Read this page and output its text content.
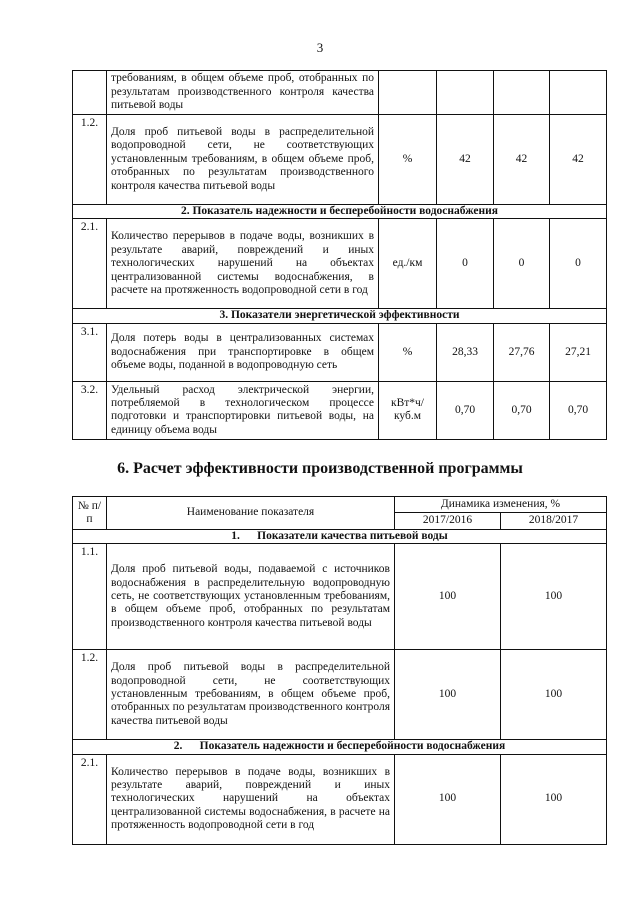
3
	требованиям, в общем объеме проб, отобранных по результатам производственного контроля качества питьевой воды				
1.2.	Доля проб питьевой воды в распределительной водопроводной сети, не соответствующих установленным требованиям, в общем объеме проб, отобранных по результатам производственного контроля качества питьевой воды	%	42	42	42
2. Показатель надежности и бесперебойности водоснабжения					
2.1.	Количество перерывов в подаче воды, возникших в результате аварий, повреждений и иных технологических нарушений на объектах централизованной системы водоснабжения, в расчете на протяженность водопроводной сети в год	ед./км	0	0	0
3. Показатели энергетической эффективности					
3.1.	Доля потерь воды в централизованных системах водоснабжения при транспортировке в общем объеме воды, поданной в водопроводную сеть	%	28,33	27,76	27,21
3.2.	Удельный расход электрической энергии, потребляемой в технологическом процессе подготовки и транспортировки питьевой воды, на единицу объема воды	кВт*ч/ куб.м	0,70	0,70	0,70
6. Расчет эффективности производственной программы
№ п/п	Наименование показателя	Динамика изменения, %	
		2017/2016	2018/2017
1.      Показатели качества питьевой воды			
1.1.	Доля проб питьевой воды, подаваемой с источников водоснабжения в распределительную водопроводную сеть, не соответствующих установленным требованиям, в общем объеме проб, отобранных по результатам производственного контроля качества питьевой воды	100	100
1.2.	Доля проб питьевой воды в распределительной водопроводной сети, не соответствующих установленным требованиям, в общем объеме проб, отобранных по результатам производственного контроля качества питьевой воды	100	100
2.      Показатель надежности и бесперебойности водоснабжения			
2.1.	Количество перерывов в подаче воды, возникших в результате аварий, повреждений и иных технологических нарушений на объектах централизованной системы водоснабжения, в расчете на протяженность водопроводной сети в год	100	100
